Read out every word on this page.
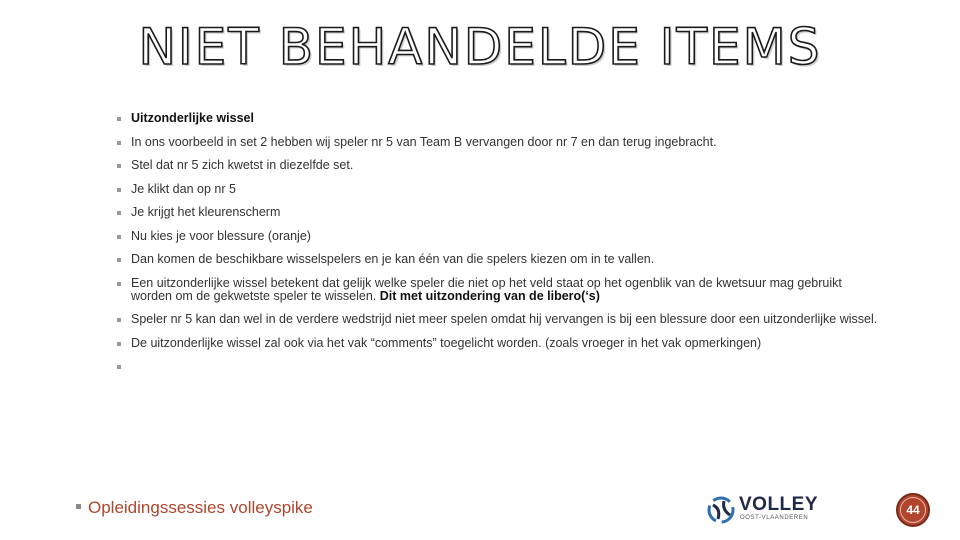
NIET BEHANDELDE ITEMS
Uitzonderlijke wissel
In ons voorbeeld in set 2 hebben wij speler nr 5 van Team B vervangen door nr 7 en dan terug ingebracht.
Stel dat nr 5 zich kwetst in diezelfde set.
Je klikt dan op nr 5
Je krijgt het kleurenscherm
Nu kies je voor blessure (oranje)
Dan komen de beschikbare wisselspelers en je kan één van die spelers kiezen om in te vallen.
Een uitzonderlijke wissel betekent dat gelijk welke speler die niet op het veld staat op het ogenblik van de kwetsuur mag gebruikt worden om de gekwetste speler te wisselen. Dit met uitzondering van de libero(‘s)
Speler nr 5 kan dan wel in de verdere wedstrijd niet meer spelen omdat hij vervangen is bij een blessure door een uitzonderlijke wissel.
De uitzonderlijke wissel zal ook via het vak “comments” toegelicht worden. (zoals vroeger in het vak opmerkingen)
Opleidingssessies volleyspike	VOLLEY
OOST-VLAANDEREN
44
